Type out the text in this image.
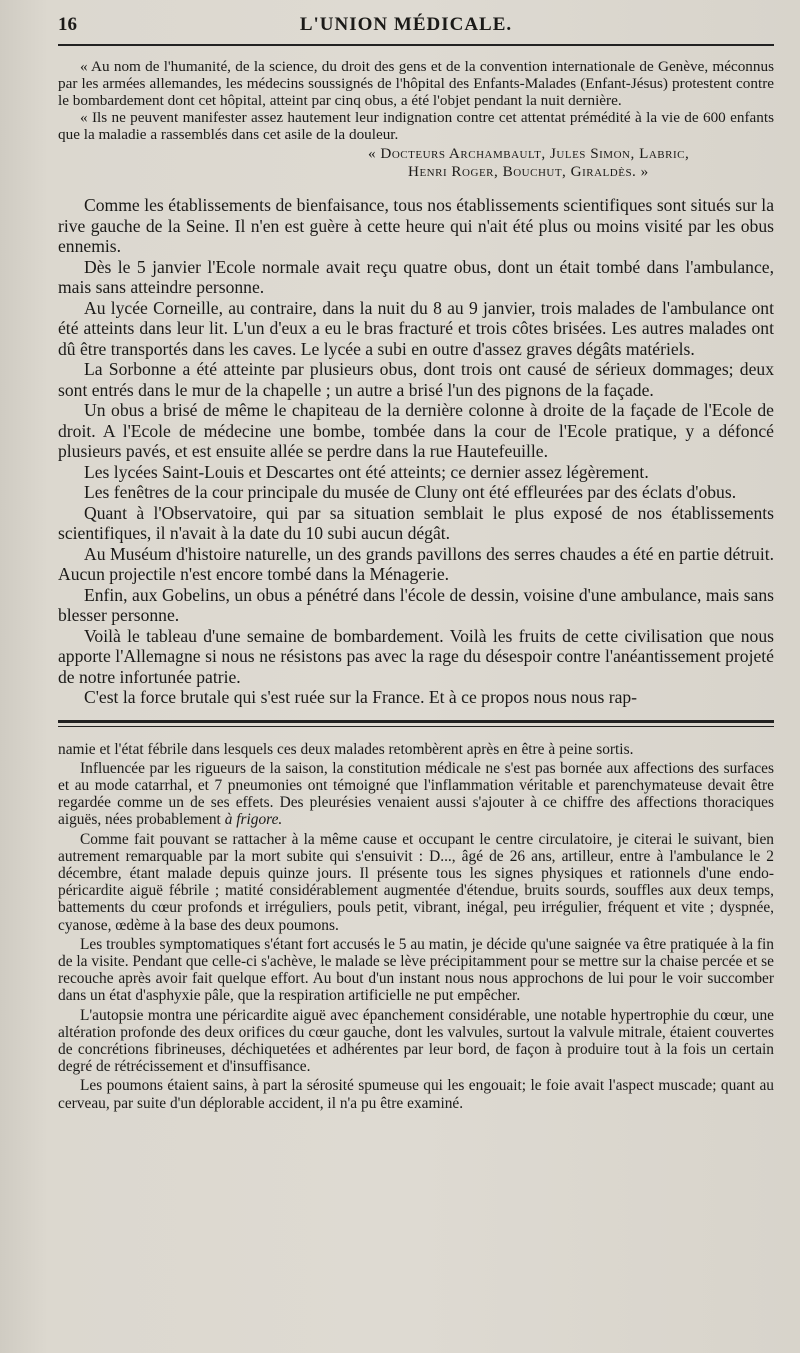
16	L'UNION MÉDICALE.

« Au nom de l'humanité, de la science, du droit des gens et de la convention internationale de Genève, méconnus par les armées allemandes, les médecins soussignés de l'hôpital des Enfants-Malades (Enfant-Jésus) protestent contre le bombardement dont cet hôpital, atteint par cinq obus, a été l'objet pendant la nuit dernière.

« Ils ne peuvent manifester assez hautement leur indignation contre cet attentat prémédité à la vie de 600 enfants que la maladie a rassemblés dans cet asile de la douleur.

« Docteurs Archambault, Jules Simon, Labric,
Henri Roger, Bouchut, Giraldès. »

Comme les établissements de bienfaisance, tous nos établissements scientifiques sont situés sur la rive gauche de la Seine. Il n'en est guère à cette heure qui n'ait été plus ou moins visité par les obus ennemis.

Dès le 5 janvier l'Ecole normale avait reçu quatre obus, dont un était tombé dans l'ambulance, mais sans atteindre personne.

Au lycée Corneille, au contraire, dans la nuit du 8 au 9 janvier, trois malades de l'ambulance ont été atteints dans leur lit. L'un d'eux a eu le bras fracturé et trois côtes brisées. Les autres malades ont dû être transportés dans les caves. Le lycée a subi en outre d'assez graves dégâts matériels.

La Sorbonne a été atteinte par plusieurs obus, dont trois ont causé de sérieux dommages; deux sont entrés dans le mur de la chapelle ; un autre a brisé l'un des pignons de la façade.

Un obus a brisé de même le chapiteau de la dernière colonne à droite de la façade de l'Ecole de droit. A l'Ecole de médecine une bombe, tombée dans la cour de l'Ecole pratique, y a défoncé plusieurs pavés, et est ensuite allée se perdre dans la rue Hautefeuille.

Les lycées Saint-Louis et Descartes ont été atteints; ce dernier assez légèrement.

Les fenêtres de la cour principale du musée de Cluny ont été effleurées par des éclats d'obus.

Quant à l'Observatoire, qui par sa situation semblait le plus exposé de nos établissements scientifiques, il n'avait à la date du 10 subi aucun dégât.

Au Muséum d'histoire naturelle, un des grands pavillons des serres chaudes a été en partie détruit. Aucun projectile n'est encore tombé dans la Ménagerie.

Enfin, aux Gobelins, un obus a pénétré dans l'école de dessin, voisine d'une ambulance, mais sans blesser personne.

Voilà le tableau d'une semaine de bombardement. Voilà les fruits de cette civilisation que nous apporte l'Allemagne si nous ne résistons pas avec la rage du désespoir contre l'anéantissement projeté de notre infortunée patrie.

C'est la force brutale qui s'est ruée sur la France. Et à ce propos nous nous rap-

namie et l'état fébrile dans lesquels ces deux malades retombèrent après en être à peine sortis.

Influencée par les rigueurs de la saison, la constitution médicale ne s'est pas bornée aux affections des surfaces et au mode catarrhal, et 7 pneumonies ont témoigné que l'inflammation véritable et parenchymateuse devait être regardée comme un de ses effets. Des pleurésies venaient aussi s'ajouter à ce chiffre des affections thoraciques aiguës, nées probablement à frigore.

Comme fait pouvant se rattacher à la même cause et occupant le centre circulatoire, je citerai le suivant, bien autrement remarquable par la mort subite qui s'ensuivit : D..., âgé de 26 ans, artilleur, entre à l'ambulance le 2 décembre, étant malade depuis quinze jours. Il présente tous les signes physiques et rationnels d'une endo-péricardite aiguë fébrile ; matité considérablement augmentée d'étendue, bruits sourds, souffles aux deux temps, battements du cœur profonds et irréguliers, pouls petit, vibrant, inégal, peu irrégulier, fréquent et vite ; dyspnée, cyanose, œdème à la base des deux poumons.

Les troubles symptomatiques s'étant fort accusés le 5 au matin, je décide qu'une saignée va être pratiquée à la fin de la visite. Pendant que celle-ci s'achève, le malade se lève précipitamment pour se mettre sur la chaise percée et se recouche après avoir fait quelque effort. Au bout d'un instant nous nous approchons de lui pour le voir succomber dans un état d'asphyxie pâle, que la respiration artificielle ne put empêcher.

L'autopsie montra une péricardite aiguë avec épanchement considérable, une notable hypertrophie du cœur, une altération profonde des deux orifices du cœur gauche, dont les valvules, surtout la valvule mitrale, étaient couvertes de concrétions fibrineuses, déchiquetées et adhérentes par leur bord, de façon à produire tout à la fois un certain degré de rétrécissement et d'insuffisance.

Les poumons étaient sains, à part la sérosité spumeuse qui les engouait; le foie avait l'aspect muscade; quant au cerveau, par suite d'un déplorable accident, il n'a pu être examiné.
